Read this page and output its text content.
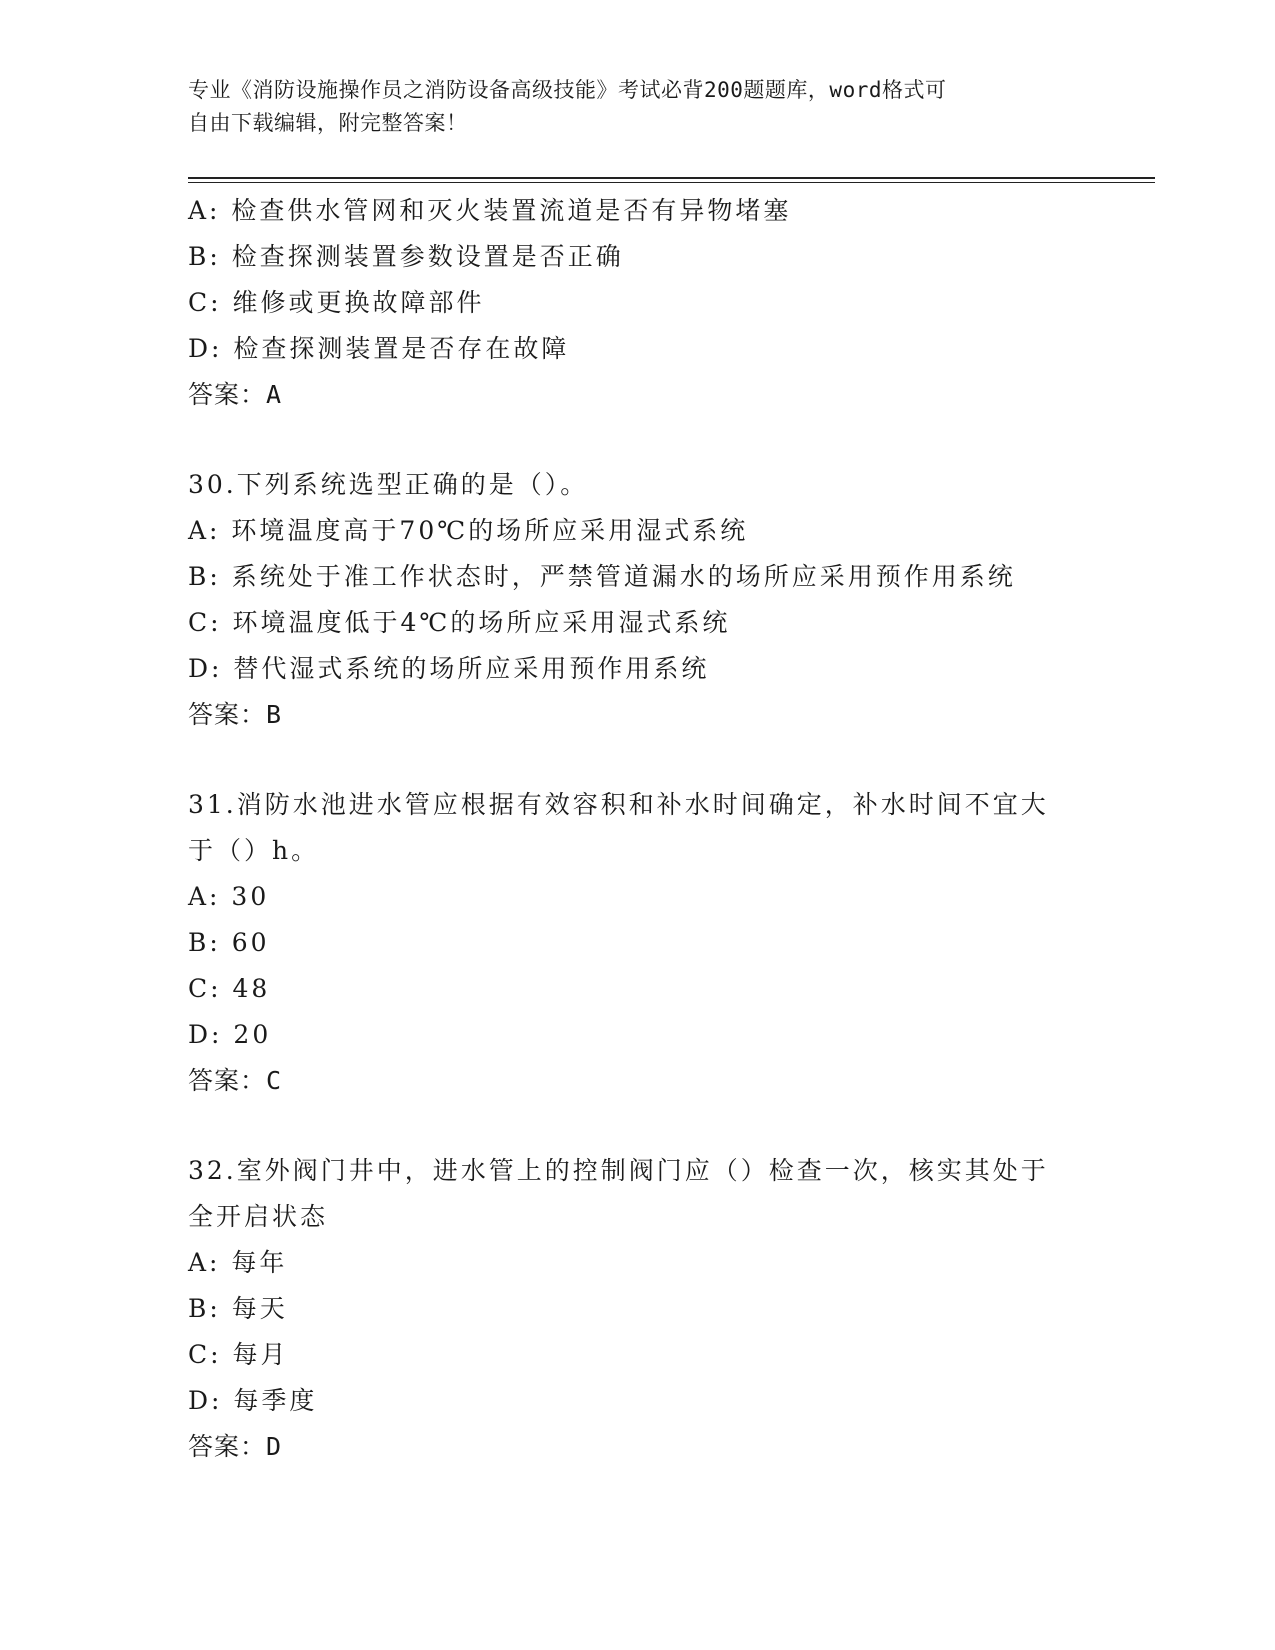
专业《消防设施操作员之消防设备高级技能》考试必背200题题库，word格式可
自由下载编辑，附完整答案！
A: 检查供水管网和灭火装置流道是否有异物堵塞
B: 检查探测装置参数设置是否正确
C: 维修或更换故障部件
D: 检查探测装置是否存在故障
答案：A
30.下列系统选型正确的是（）。
A: 环境温度高于70℃的场所应采用湿式系统
B: 系统处于准工作状态时，严禁管道漏水的场所应采用预作用系统
C: 环境温度低于4℃的场所应采用湿式系统
D: 替代湿式系统的场所应采用预作用系统
答案：B
31.消防水池进水管应根据有效容积和补水时间确定，补水时间不宜大
于（）h。
A: 30
B: 60
C: 48
D: 20
答案：C
32.室外阀门井中，进水管上的控制阀门应（）检查一次，核实其处于
全开启状态
A: 每年
B: 每天
C: 每月
D: 每季度
答案：D
